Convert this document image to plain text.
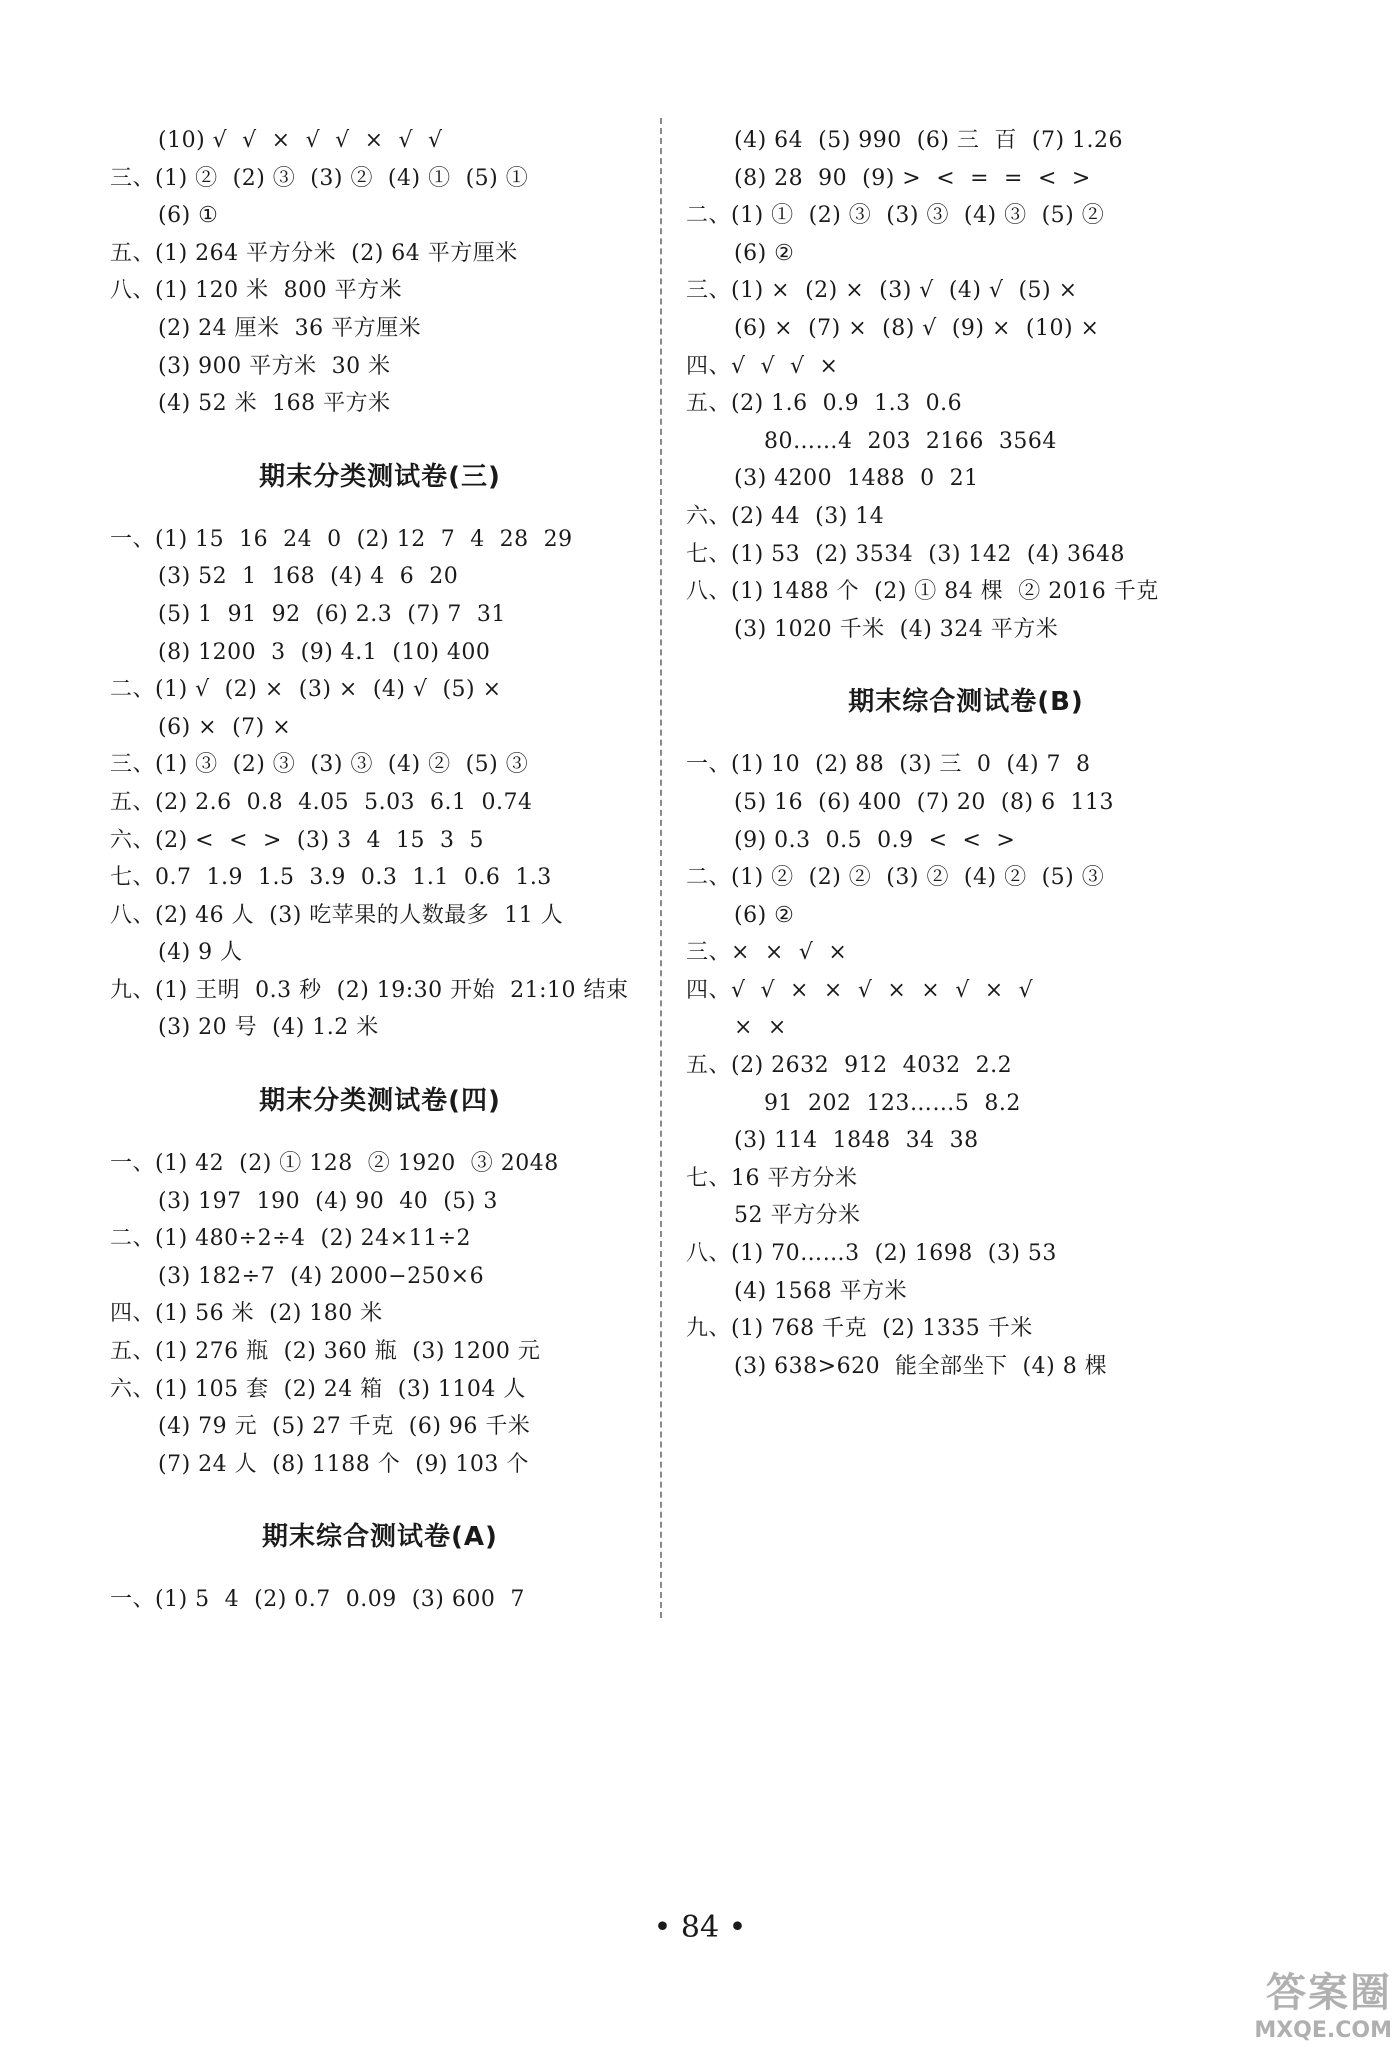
(10) √  √  ×  √  √  ×  √  √
三、(1) ②  (2) ③  (3) ②  (4) ①  (5) ①
(6) ①
五、(1) 264 平方分米  (2) 64 平方厘米
八、(1) 120 米  800 平方米
(2) 24 厘米  36 平方厘米
(3) 900 平方米  30 米
(4) 52 米  168 平方米
期末分类测试卷(三)
一、(1) 15  16  24  0  (2) 12  7  4  28  29
(3) 52  1  168  (4) 4  6  20
(5) 1  91  92  (6) 2.3  (7) 7  31
(8) 1200  3  (9) 4.1  (10) 400
二、(1) √  (2) ×  (3) ×  (4) √  (5) ×
(6) ×  (7) ×
三、(1) ③  (2) ③  (3) ③  (4) ②  (5) ③
五、(2) 2.6  0.8  4.05  5.03  6.1  0.74
六、(2) <  <  >  (3) 3  4  15  3  5
七、0.7  1.9  1.5  3.9  0.3  1.1  0.6  1.3
八、(2) 46 人  (3) 吃苹果的人数最多  11 人
(4) 9 人
九、(1) 王明  0.3 秒  (2) 19:30 开始  21:10 结束
(3) 20 号  (4) 1.2 米
期末分类测试卷(四)
一、(1) 42  (2) ① 128  ② 1920  ③ 2048
(3) 197  190  (4) 90  40  (5) 3
二、(1) 480÷2÷4  (2) 24×11÷2
(3) 182÷7  (4) 2000−250×6
四、(1) 56 米  (2) 180 米
五、(1) 276 瓶  (2) 360 瓶  (3) 1200 元
六、(1) 105 套  (2) 24 箱  (3) 1104 人
(4) 79 元  (5) 27 千克  (6) 96 千米
(7) 24 人  (8) 1188 个  (9) 103 个
期末综合测试卷(A)
一、(1) 5  4  (2) 0.7  0.09  (3) 600  7
(4) 64  (5) 990  (6) 三  百  (7) 1.26
(8) 28  90  (9) >  <  =  =  <  >
二、(1) ①  (2) ③  (3) ③  (4) ③  (5) ②
(6) ②
三、(1) ×  (2) ×  (3) √  (4) √  (5) ×
(6) ×  (7) ×  (8) √  (9) ×  (10) ×
四、√  √  √  ×
五、(2) 1.6  0.9  1.3  0.6
80……4  203  2166  3564
(3) 4200  1488  0  21
六、(2) 44  (3) 14
七、(1) 53  (2) 3534  (3) 142  (4) 3648
八、(1) 1488 个  (2) ① 84 棵  ② 2016 千克
(3) 1020 千米  (4) 324 平方米
期末综合测试卷(B)
一、(1) 10  (2) 88  (3) 三  0  (4) 7  8
(5) 16  (6) 400  (7) 20  (8) 6  113
(9) 0.3  0.5  0.9  <  <  >
二、(1) ②  (2) ②  (3) ②  (4) ②  (5) ③
(6) ②
三、×  ×  √  ×
四、√  √  ×  ×  √  ×  ×  √  ×  √
×  ×
五、(2) 2632  912  4032  2.2
91  202  123……5  8.2
(3) 114  1848  34  38
七、16 平方分米
52 平方分米
八、(1) 70……3  (2) 1698  (3) 53
(4) 1568 平方米
九、(1) 768 千克  (2) 1335 千米
(3) 638>620  能全部坐下  (4) 8 棵
• 84 •
答案圈
MXQE.COM
